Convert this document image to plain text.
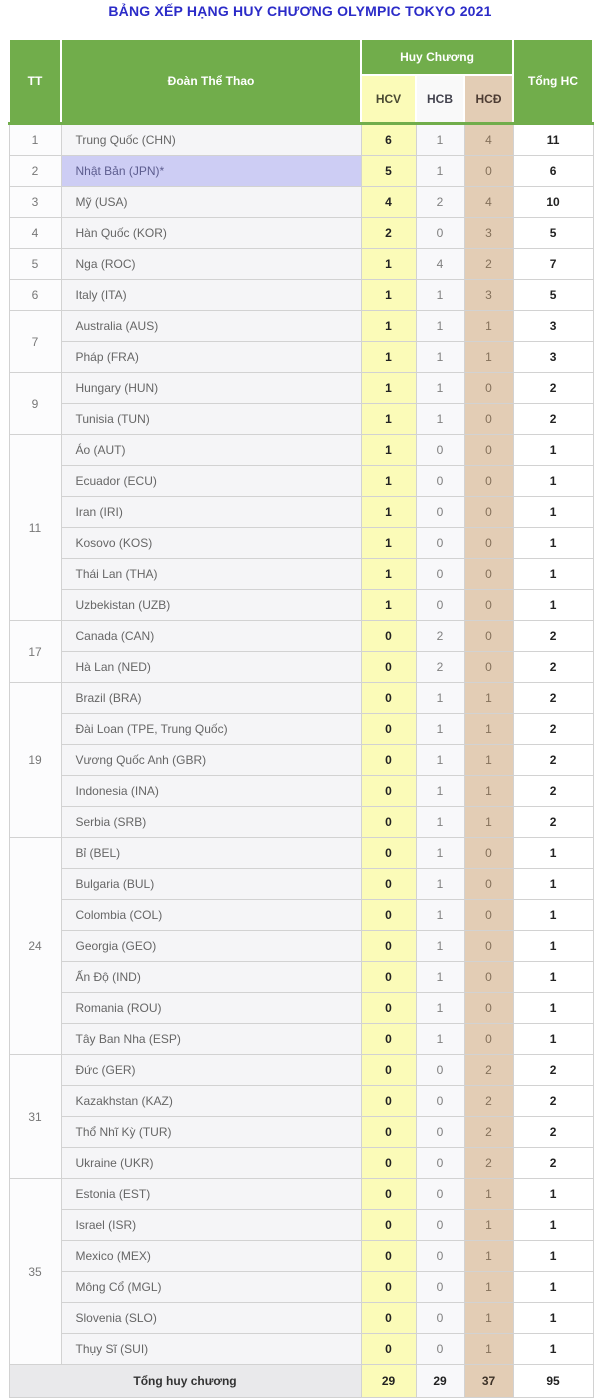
BẢNG XẾP HẠNG HUY CHƯƠNG OLYMPIC TOKYO 2021
TT	Đoàn Thể Thao	Huy Chương			Tổng HC
		HCV	HCB	HCĐ	
1	Trung Quốc (CHN)	6	1	4	11
2	Nhật Bản (JPN)*	5	1	0	6
3	Mỹ (USA)	4	2	4	10
4	Hàn Quốc (KOR)	2	0	3	5
5	Nga (ROC)	1	4	2	7
6	Italy (ITA)	1	1	3	5
7	Australia (AUS)	1	1	1	3
	Pháp (FRA)	1	1	1	3
9	Hungary (HUN)	1	1	0	2
	Tunisia (TUN)	1	1	0	2
11	Áo (AUT)	1	0	0	1
	Ecuador (ECU)	1	0	0	1
	Iran (IRI)	1	0	0	1
	Kosovo (KOS)	1	0	0	1
	Thái Lan (THA)	1	0	0	1
	Uzbekistan (UZB)	1	0	0	1
17	Canada (CAN)	0	2	0	2
	Hà Lan (NED)	0	2	0	2
19	Brazil (BRA)	0	1	1	2
	Đài Loan (TPE, Trung Quốc)	0	1	1	2
	Vương Quốc Anh (GBR)	0	1	1	2
	Indonesia (INA)	0	1	1	2
	Serbia (SRB)	0	1	1	2
24	Bỉ (BEL)	0	1	0	1
	Bulgaria (BUL)	0	1	0	1
	Colombia (COL)	0	1	0	1
	Georgia (GEO)	0	1	0	1
	Ấn Độ (IND)	0	1	0	1
	Romania (ROU)	0	1	0	1
	Tây Ban Nha (ESP)	0	1	0	1
31	Đức (GER)	0	0	2	2
	Kazakhstan (KAZ)	0	0	2	2
	Thổ Nhĩ Kỳ (TUR)	0	0	2	2
	Ukraine (UKR)	0	0	2	2
35	Estonia (EST)	0	0	1	1
	Israel (ISR)	0	0	1	1
	Mexico (MEX)	0	0	1	1
	Mông Cổ (MGL)	0	0	1	1
	Slovenia (SLO)	0	0	1	1
	Thụy Sĩ (SUI)	0	0	1	1
Tổng huy chương		29	29	37	95
